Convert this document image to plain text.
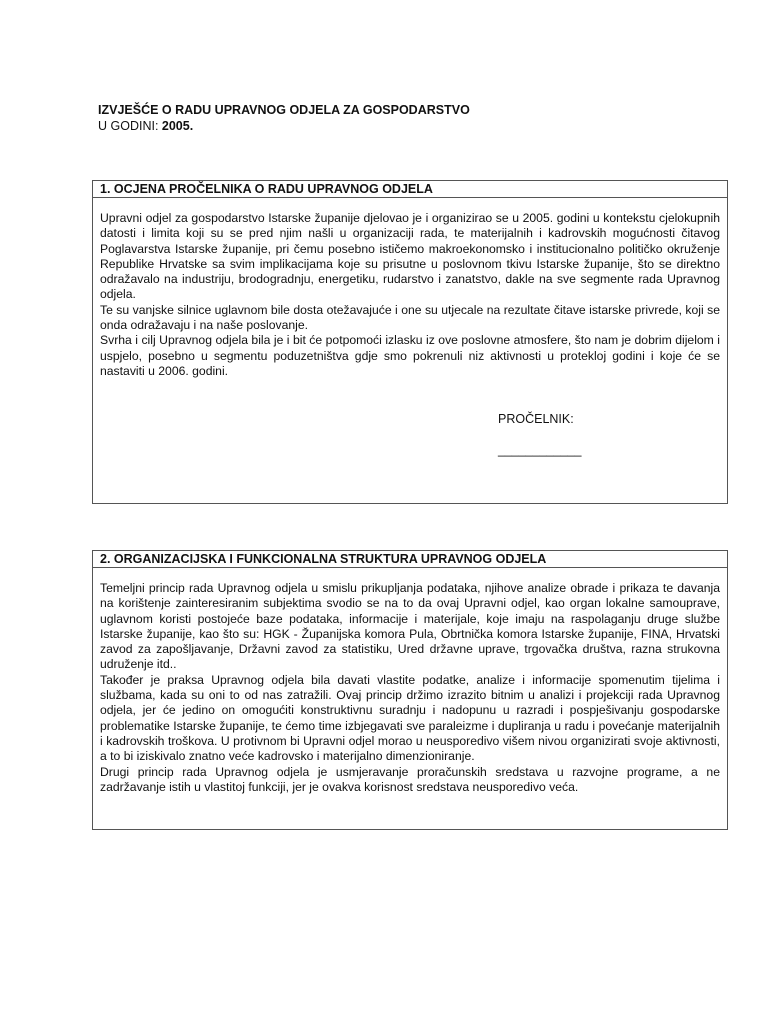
IZVJEŠĆE O RADU UPRAVNOG ODJELA ZA GOSPODARSTVO
U GODINI: 2005.
1. OCJENA PROČELNIKA O RADU UPRAVNOG ODJELA

Upravni odjel za gospodarstvo Istarske županije djelovao je i organizirao se u 2005. godini u kontekstu cjelokupnih datosti i limita koji su se pred njim našli u organizaciji rada, te materijalnih i kadrovskih mogućnosti čitavog Poglavarstva Istarske županije, pri čemu posebno ističemo makroekonomsko i institucionalno političko okruženje Republike Hrvatske sa svim implikacijama koje su prisutne u poslovnom tkivu Istarske županije, što se direktno odražavalo na industriju, brodogradnju, energetiku, rudarstvo i zanatstvo, dakle na sve segmente rada Upravnog odjela.

Te su vanjske silnice uglavnom bile dosta otežavajuće i one su utjecale na rezultate čitave istarske privrede, koji se onda odražavaju i na naše poslovanje.

Svrha i cilj Upravnog odjela bila je i bit će potpomoći izlasku iz ove poslovne atmosfere, što nam je dobrim dijelom i uspjelo, posebno u segmentu poduzetništva gdje smo pokrenuli niz aktivnosti u protekloj godini i koje će se nastaviti u 2006. godini.

PROČELNIK:
____________
2. ORGANIZACIJSKA I FUNKCIONALNA STRUKTURA UPRAVNOG ODJELA

Temeljni princip rada Upravnog odjela u smislu prikupljanja podataka, njihove analize obrade i prikaza te davanja na korištenje zainteresiranim subjektima svodio se na to da ovaj Upravni odjel, kao organ lokalne samouprave, uglavnom koristi postojeće baze podataka, informacije i materijale, koje imaju na raspolaganju druge službe Istarske županije, kao što su: HGK - Županijska komora Pula, Obrtnička komora Istarske županije, FINA, Hrvatski zavod za zapošljavanje, Državni zavod za statistiku, Ured državne uprave, trgovačka društva, razna strukovna udruženje itd..

Također je praksa Upravnog odjela bila davati vlastite podatke, analize i informacije spomenutim tijelima i službama, kada su oni to od nas zatražili. Ovaj princip držimo izrazito bitnim u analizi i projekciji rada Upravnog odjela, jer će jedino on omogućiti konstruktivnu suradnju i nadopunu u razradi i pospješivanju gospodarske problematike Istarske županije, te ćemo time izbjegavati sve paraleizme i dupliranja u radu i povećanje materijalnih i kadrovskih troškova. U protivnom bi Upravni odjel morao u neusporedivo višem nivou organizirati svoje aktivnosti, a to bi iziskivalo znatno veće kadrovsko i materijalno dimenzioniranje.

Drugi princip rada Upravnog odjela je usmjeravanje proračunskih sredstava u razvojne programe, a ne zadržavanje istih u vlastitoj funkciji, jer je ovakva korisnost sredstava neusporedivo veća.
